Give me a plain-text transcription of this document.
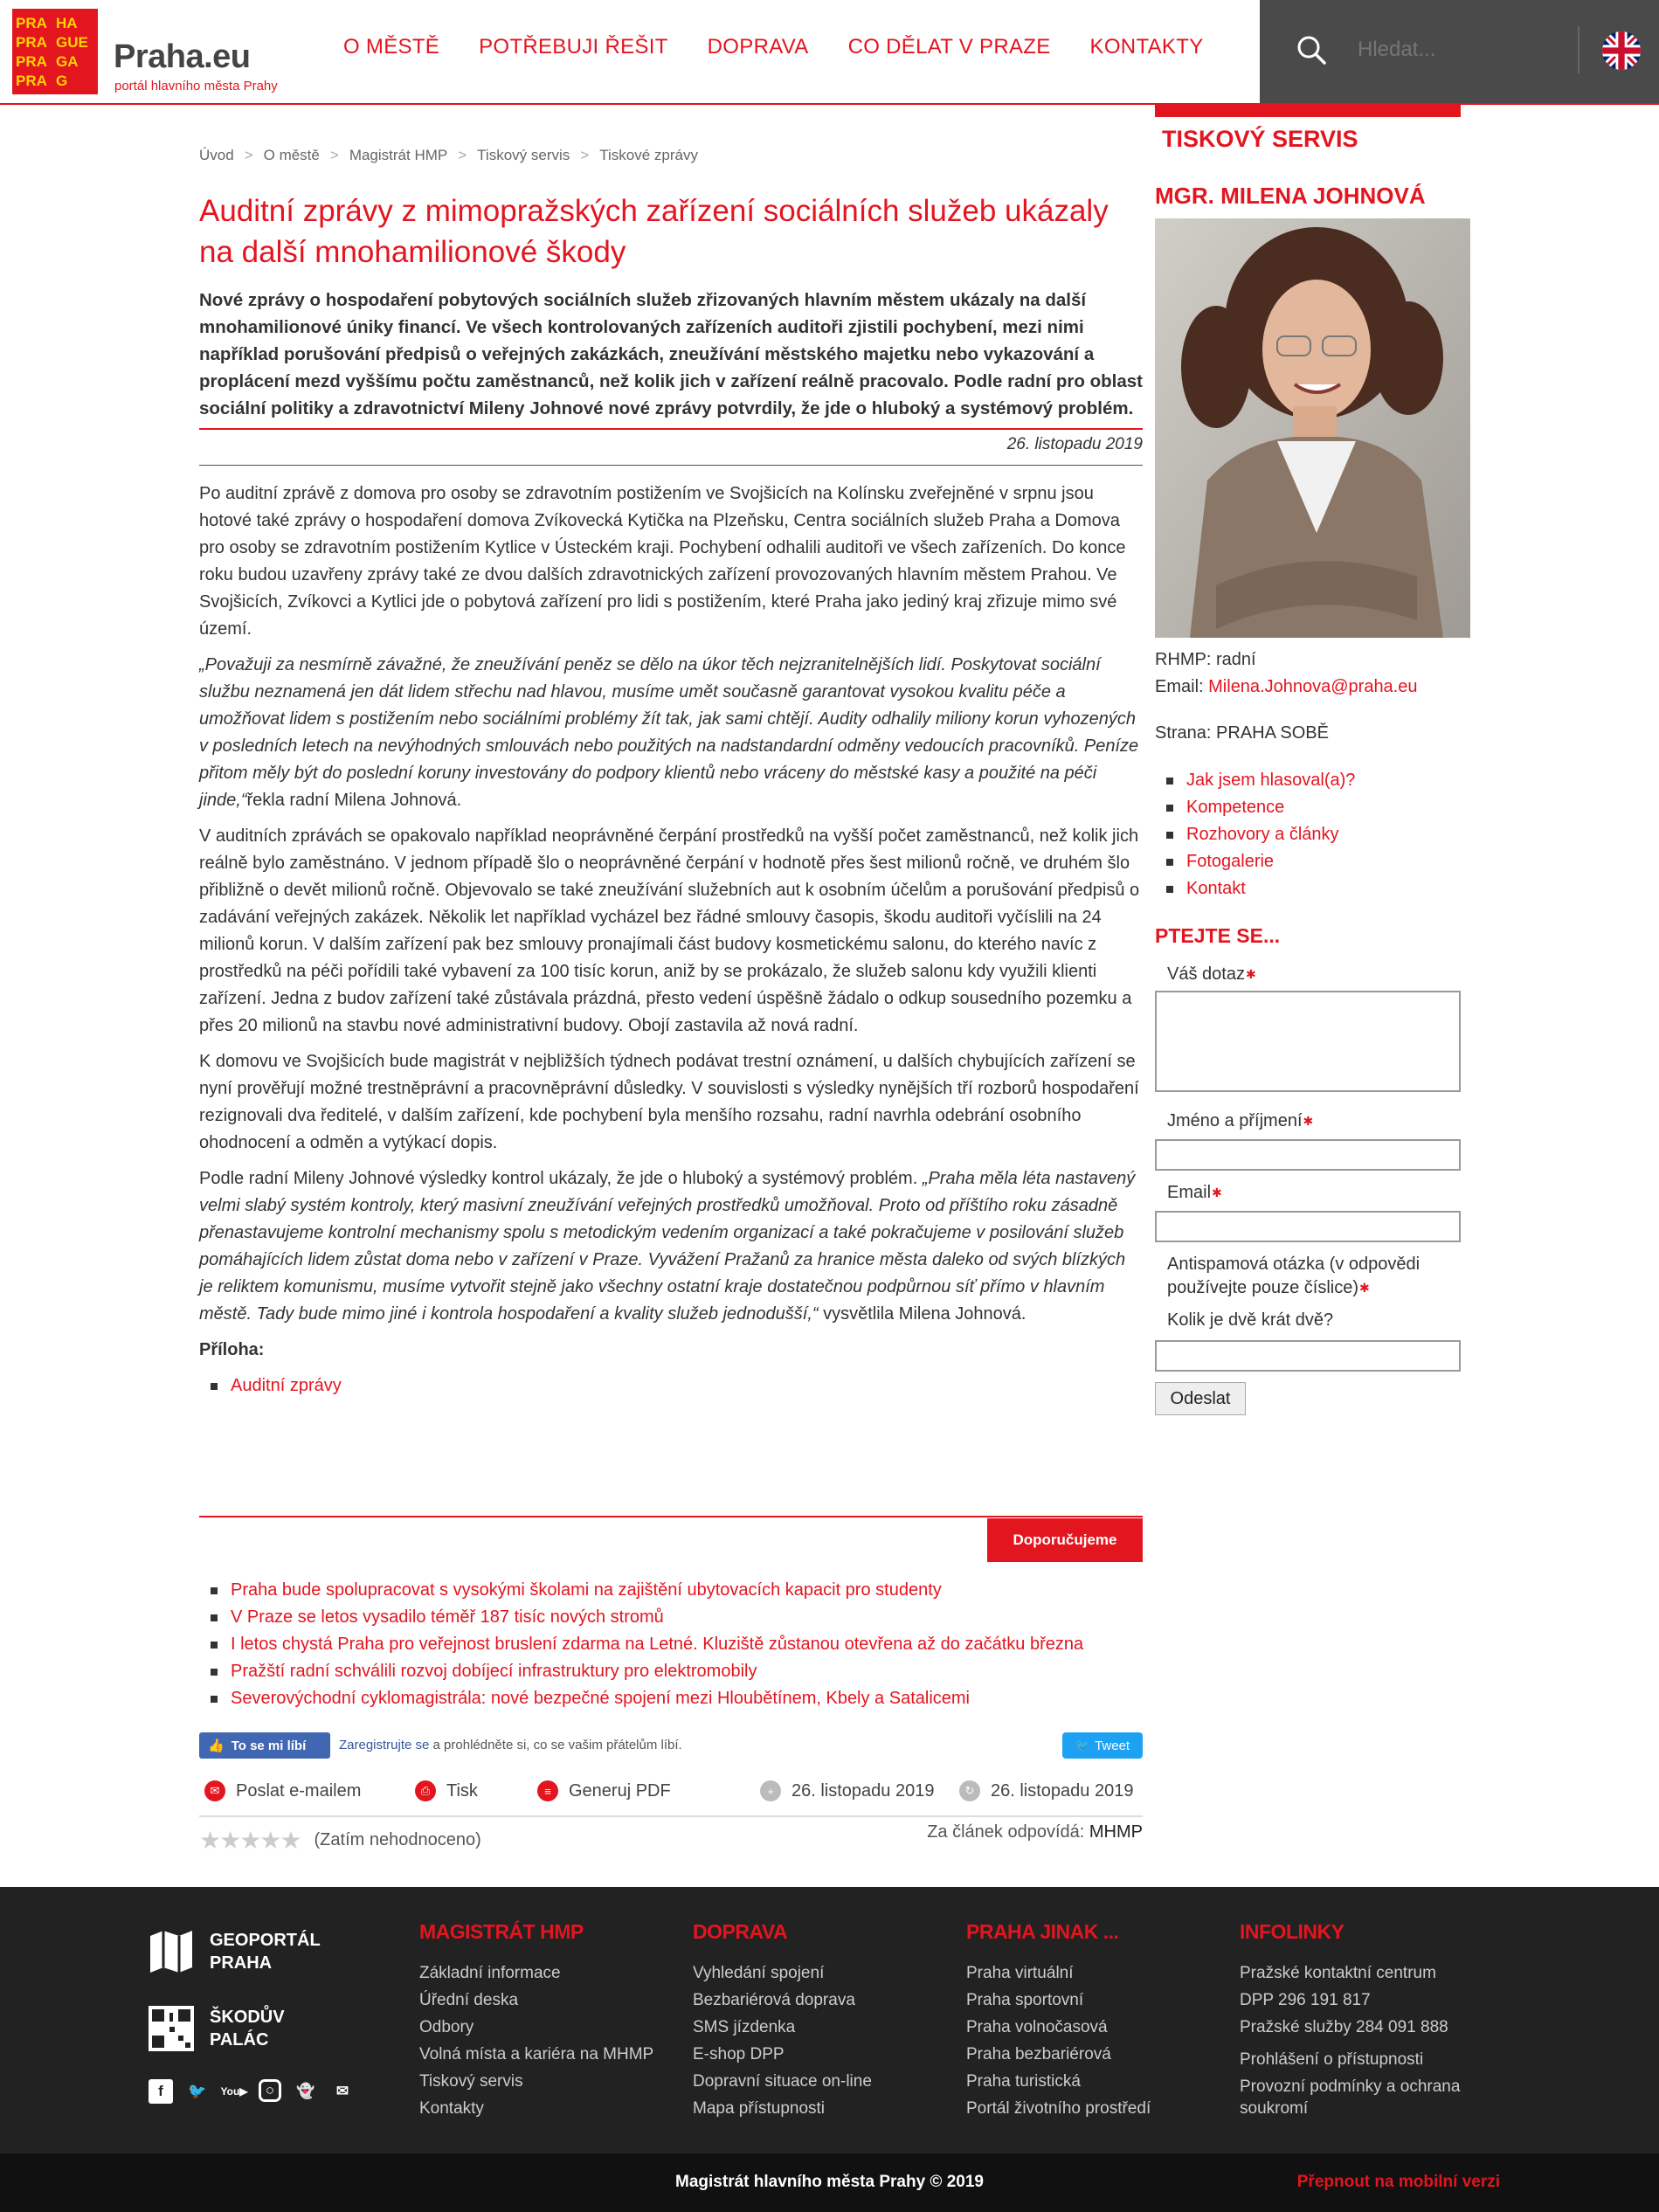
PRA HA
PRA GUE
PRA GA
PRA G
Praha.eu
portál hlavního města Prahy
O MĚSTĚ POTŘEBUJI ŘEŠIT DOPRAVA CO DĚLAT V PRAZE KONTAKTY
Hledat...
Úvod > O městě > Magistrát HMP > Tiskový servis > Tiskové zprávy
Auditní zprávy z mimopražských zařízení sociálních služeb ukázaly na další mnohamilionové škody
Nové zprávy o hospodaření pobytových sociálních služeb zřizovaných hlavním městem ukázaly na další mnohamilionové úniky financí. Ve všech kontrolovaných zařízeních auditoři zjistili pochybení, mezi nimi například porušování předpisů o veřejných zakázkách, zneužívání městského majetku nebo vykazování a proplácení mezd vyššímu počtu zaměstnanců, než kolik jich v zařízení reálně pracovalo. Podle radní pro oblast sociální politiky a zdravotnictví Mileny Johnové nové zprávy potvrdily, že jde o hluboký a systémový problém.
26. listopadu 2019

Po auditní zprávě z domova pro osoby se zdravotním postižením ve Svojšicích na Kolínsku zveřejněné v srpnu jsou hotové také zprávy o hospodaření domova Zvíkovecká Kytička na Plzeňsku, Centra sociálních služeb Praha a Domova pro osoby se zdravotním postižením Kytlice v Ústeckém kraji. Pochybení odhalili auditoři ve všech zařízeních. Do konce roku budou uzavřeny zprávy také ze dvou dalších zdravotnických zařízení provozovaných hlavním městem Prahou. Ve Svojšicích, Zvíkovci a Kytlici jde o pobytová zařízení pro lidi s postižením, které Praha jako jediný kraj zřizuje mimo své území.

„Považuji za nesmírně závažné, že zneužívání peněz se dělo na úkor těch nejzranitelnějších lidí. Poskytovat sociální službu neznamená jen dát lidem střechu nad hlavou, musíme umět současně garantovat vysokou kvalitu péče a umožňovat lidem s postižením nebo sociálními problémy žít tak, jak sami chtějí. Audity odhalily miliony korun vyhozených v posledních letech na nevýhodných smlouvách nebo použitých na nadstandardní odměny vedoucích pracovníků. Peníze přitom měly být do poslední koruny investovány do podpory klientů nebo vráceny do městské kasy a použité na péči jinde,“řekla radní Milena Johnová.

V auditních zprávách se opakovalo například neoprávněné čerpání prostředků na vyšší počet zaměstnanců, než kolik jich reálně bylo zaměstnáno. V jednom případě šlo o neoprávněné čerpání v hodnotě přes šest milionů ročně, ve druhém šlo přibližně o devět milionů ročně. Objevovalo se také zneužívání služebních aut k osobním účelům a porušování předpisů o zadávání veřejných zakázek. Několik let například vycházel bez řádné smlouvy časopis, škodu auditoři vyčíslili na 24 milionů korun. V dalším zařízení pak bez smlouvy pronajímali část budovy kosmetickému salonu, do kterého navíc z prostředků na péči pořídili také vybavení za 100 tisíc korun, aniž by se prokázalo, že služeb salonu kdy využili klienti zařízení. Jedna z budov zařízení také zůstávala prázdná, přesto vedení úspěšně žádalo o odkup sousedního pozemku a přes 20 milionů na stavbu nové administrativní budovy. Obojí zastavila až nová radní.

K domovu ve Svojšicích bude magistrát v nejbližších týdnech podávat trestní oznámení, u dalších chybujících zařízení se nyní prověřují možné trestněprávní a pracovněprávní důsledky. V souvislosti s výsledky nynějších tří rozborů hospodaření rezignovali dva ředitelé, v dalším zařízení, kde pochybení byla menšího rozsahu, radní navrhla odebrání osobního ohodnocení a odměn a vytýkací dopis.

Podle radní Mileny Johnové výsledky kontrol ukázaly, že jde o hluboký a systémový problém. „Praha měla léta nastavený velmi slabý systém kontroly, který masivní zneužívání veřejných prostředků umožňoval. Proto od příštího roku zásadně přenastavujeme kontrolní mechanismy spolu s metodickým vedením organizací a také pokračujeme v posilování služeb pomáhajících lidem zůstat doma nebo v zařízení v Praze. Vyvážení Pražanů za hranice města daleko od svých blízkých je reliktem komunismu, musíme vytvořit stejně jako všechny ostatní kraje dostatečnou podpůrnou síť přímo v hlavním městě. Tady bude mimo jiné i kontrola hospodaření a kvality služeb jednodušší,“ vysvětlila Milena Johnová.

Příloha:
Auditní zprávy
Doporučujeme
Praha bude spolupracovat s vysokými školami na zajištění ubytovacích kapacit pro studenty
V Praze se letos vysadilo téměř 187 tisíc nových stromů
I letos chystá Praha pro veřejnost bruslení zdarma na Letné. Kluziště zůstanou otevřena až do začátku března
Pražští radní schválili rozvoj dobíjecí infrastruktury pro elektromobily
Severovýchodní cyklomagistrála: nové bezpečné spojení mezi Hloubětínem, Kbely a Satalicemi
👍 To se mi líbí	Zaregistrujte se a prohlédněte si, co se vašim přátelům líbí.	🐦 Tweet
✉ Poslat e-mailem	⎙ Tisk	≡	Generuj PDF	+	26. listopadu 2019	↻ 26. listopadu 2019
★★★★★ (Zatím nehodnoceno)	Za článek odpovídá: MHMP
TISKOVÝ SERVIS
MGR. MILENA JOHNOVÁ
RHMP: radní
Email: Milena.Johnova@praha.eu
Strana: PRAHA SOBĚ
Jak jsem hlasoval(a)?
Kompetence
Rozhovory a články
Fotogalerie
Kontakt
PTEJTE SE...
Váš dotaz✱
Jméno a příjmení✱
Email✱
Antispamová otázka (v odpovědi používejte pouze číslice)✱
Kolik je dvě krát dvě?
Odeslat
GEOPORTÁL
PRAHA
ŠKODŮV
PALÁC
f	🐦 You▶	○	👻	✉
MAGISTRÁT HMP
Základní informace
Úřední deska
Odbory
Volná místa a kariéra na MHMP
Tiskový servis
Kontakty
DOPRAVA
Vyhledání spojení
Bezbariérová doprava
SMS jízdenka
E-shop DPP
Dopravní situace on-line
Mapa přístupnosti
PRAHA JINAK ...
Praha virtuální
Praha sportovní
Praha volnočasová
Praha bezbariérová
Praha turistická
Portál životního prostředí
INFOLINKY
Pražské kontaktní centrum
DPP 296 191 817
Pražské služby 284 091 888
Prohlášení o přístupnosti
Provozní podmínky a ochrana soukromí
Magistrát hlavního města Prahy © 2019	Přepnout na mobilní verzi
